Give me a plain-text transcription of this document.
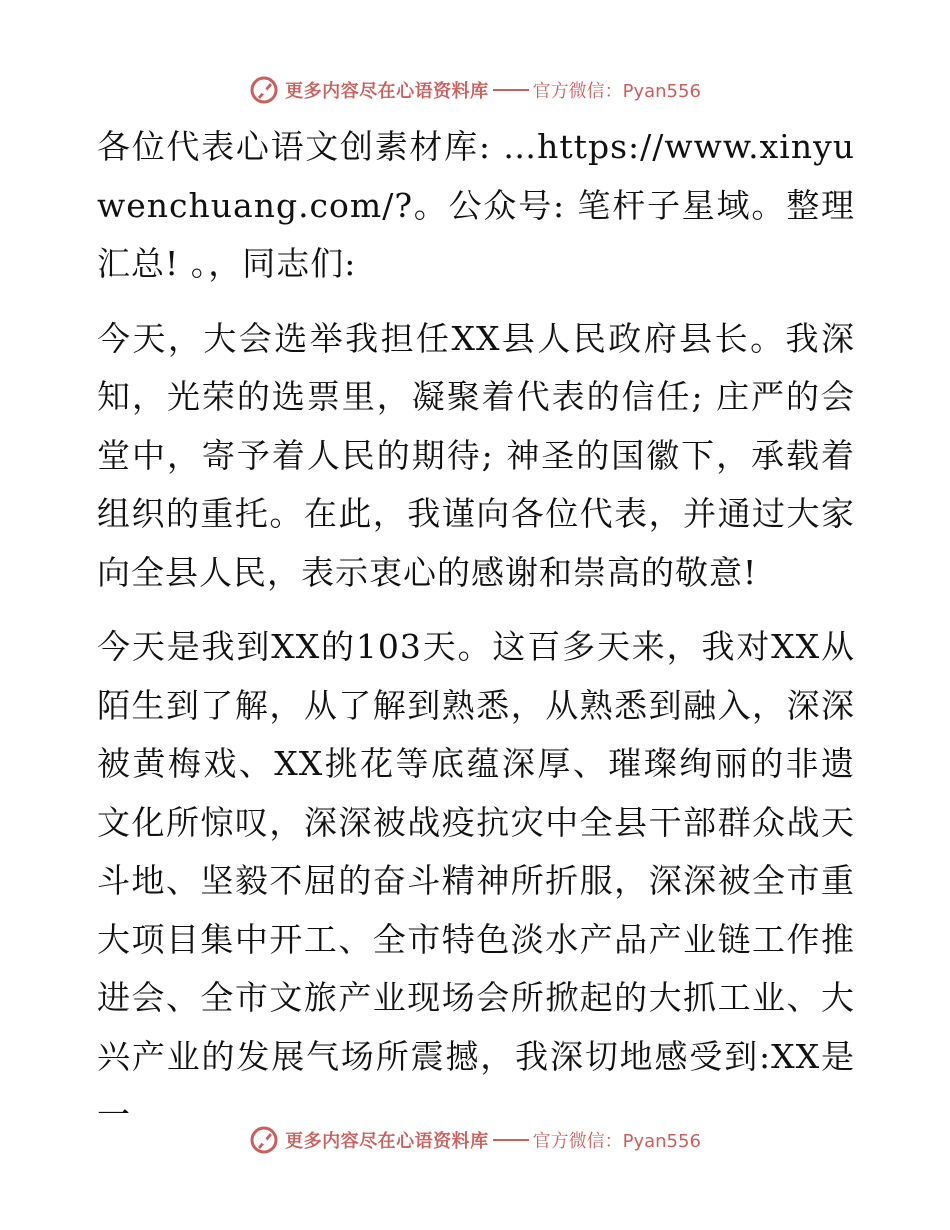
更多内容尽在心语资料库 官方微信：Pyan556

各位代表心语文创素材库: …https://www.xinyuwenchuang.com/?。公众号: 笔杆子星域。整理汇总! 。，同志们:

今天，大会选举我担任XX县人民政府县长。我深知，光荣的选票里，凝聚着代表的信任; 庄严的会堂中，寄予着人民的期待; 神圣的国徽下，承载着组织的重托。在此，我谨向各位代表，并通过大家向全县人民，表示衷心的感谢和崇高的敬意!

今天是我到XX的103天。这百多天来，我对XX从陌生到了解，从了解到熟悉，从熟悉到融入，深深被黄梅戏、XX挑花等底蕴深厚、璀璨绚丽的非遗文化所惊叹，深深被战疫抗灾中全县干部群众战天斗地、坚毅不屈的奋斗精神所折服，深深被全市重大项目集中开工、全市特色淡水产品产业链工作推进会、全市文旅产业现场会所掀起的大抓工业、大兴产业的发展气场所震撼，我深切地感受到:XX是一

更多内容尽在心语资料库 官方微信：Pyan556
